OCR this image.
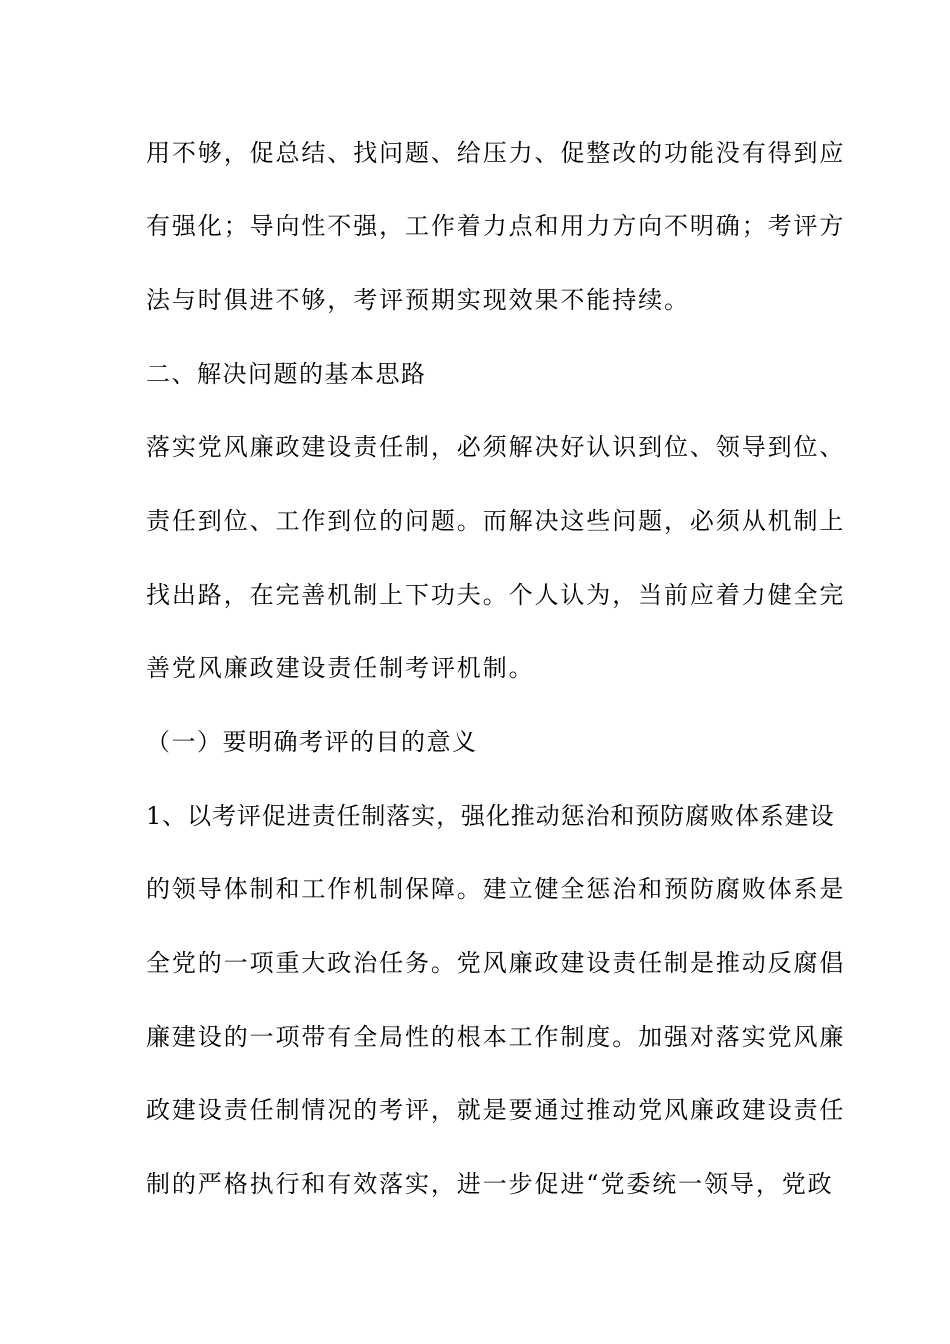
用不够，促总结、找问题、给压力、促整改的功能没有得到应
有强化；导向性不强，工作着力点和用力方向不明确；考评方
法与时俱进不够，考评预期实现效果不能持续。
二、解决问题的基本思路
落实党风廉政建设责任制，必须解决好认识到位、领导到位、
责任到位、工作到位的问题。而解决这些问题，必须从机制上
找出路，在完善机制上下功夫。个人认为，当前应着力健全完
善党风廉政建设责任制考评机制。
（一）要明确考评的目的意义
1、以考评促进责任制落实，强化推动惩治和预防腐败体系建设
的领导体制和工作机制保障。建立健全惩治和预防腐败体系是
全党的一项重大政治任务。党风廉政建设责任制是推动反腐倡
廉建设的一项带有全局性的根本工作制度。加强对落实党风廉
政建设责任制情况的考评，就是要通过推动党风廉政建设责任
制的严格执行和有效落实，进一步促进“党委统一领导，党政
